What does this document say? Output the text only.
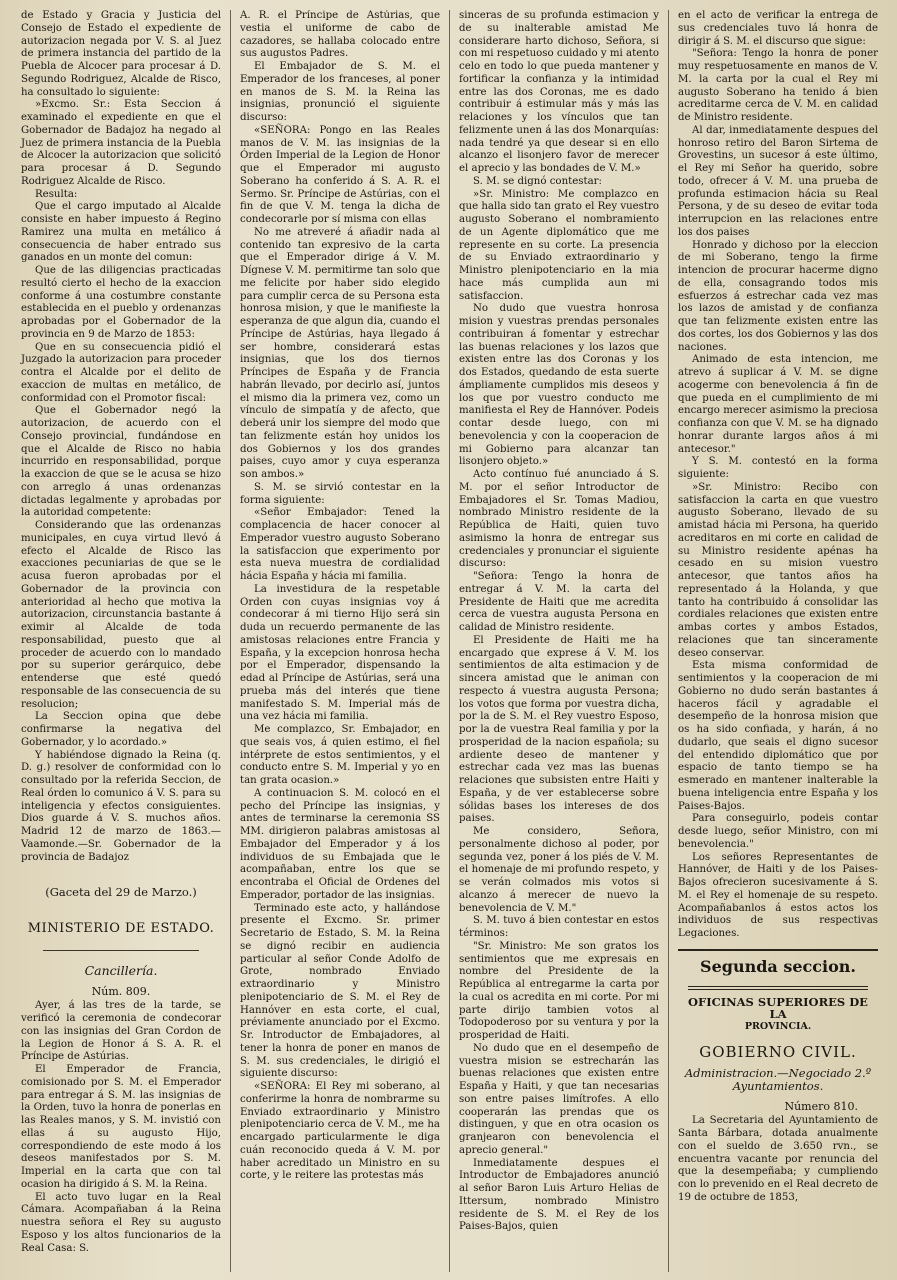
de Estado y Gracia y Justicia del Consejo de Estado el expediente de autorizacion negada por V. S. al Juez de primera instancia del partido de la Puebla de Alcocer para procesar á D. Segundo Rodriguez, Alcalde de Risco, ha consultado lo siguiente:

»Excmo. Sr.: Esta Seccion á examinado el expediente en que el Gobernador de Badajoz ha negado al Juez de primera instancia de la Puebla de Alcocer la autorizacion que solicitó para procesar á D. Segundo Rodriguez Alcalde de Risco.

Resulta:

Que el cargo imputado al Alcalde consiste en haber impuesto á Regino Ramirez una multa en metálico á consecuencia de haber entrado sus ganados en un monte del comun:

Que de las diligencias practicadas resultó cierto el hecho de la exaccion conforme á una costumbre constante establecida en el pueblo y ordenanzas aprobadas por el Gobernador de la provincia en 9 de Marzo de 1853:

Que en su consecuencia pidió el Juzgado la autorizacion para proceder contra el Alcalde por el delito de exaccion de multas en metálico, de conformidad con el Promotor fiscal:

Que el Gobernador negó la autorizacion, de acuerdo con el Consejo provincial, fundándose en que el Alcalde de Risco no habia incurrido en responsabilidad, porque la exaccion de que se le acusa se hizo con arreglo á unas ordenanzas dictadas legalmente y aprobadas por la autoridad competente:

Considerando que las ordenanzas municipales, en cuya virtud llevó á efecto el Alcalde de Risco las exacciones pecuniarias de que se le acusa fueron aprobadas por el Gobernador de la provincia con anterioridad al hecho que motiva la autorizacion, circunstancia bastante á eximir al Alcalde de toda responsabilidad, puesto que al proceder de acuerdo con lo mandado por su superior gerárquico, debe entenderse que esté quedó responsable de las consecuencia de su resolucion;

La Seccion opina que debe confirmarse la negativa del Gobernador, y lo acordado.»

Y habiéndose dignado la Reina (q. D. g.) resolver de conformidad con lo consultado por la referida Seccion, de Real órden lo comunico á V. S. para su inteligencia y efectos consiguientes. Dios guarde á V. S. muchos años. Madrid 12 de marzo de 1863.—Vaamonde.—Sr. Gobernador de la provincia de Badajoz

(Gaceta del 29 de Marzo.)
MINISTERIO DE ESTADO.
Cancillería.
Núm. 809.

Ayer, á las tres de la tarde, se verificó la ceremonia de condecorar con las insignias del Gran Cordon de la Legion de Honor á S. A. R. el Príncipe de Astúrias.

El Emperador de Francia, comisionado por S. M. el Emperador para entregar á S. M. las insignias de la Orden, tuvo la honra de ponerlas en las Reales manos, y S. M. invistió con ellas á su augusto Hijo, correspondiendo de este modo á los deseos manifestados por S. M. Imperial en la carta que con tal ocasion ha dirigido á S. M. la Reina.

El acto tuvo lugar en la Real Cámara. Acompañaban á la Reina nuestra señora el Rey su augusto Esposo y los altos funcionarios de la Real Casa: S.

A. R. el Príncipe de Astúrias, que vestia el uniforme de cabo de cazadores, se hallaba colocado entre sus augustos Padres.

El Embajador de S. M. el Emperador de los franceses, al poner en manos de S. M. la Reina las insignias, pronunció el siguiente discurso:

«SEÑORA: Pongo en las Reales manos de V. M. las insignias de la Órden Imperial de la Legion de Honor que el Emperador mi augusto Soberano ha conferido á S. A. R. el Sermo. Sr. Príncipe de Astúrias, con el fin de que V. M. tenga la dicha de condecorarle por sí misma con ellas

No me atreveré á añadir nada al contenido tan expresivo de la carta que el Emperador dirige á V. M. Dígnese V. M. permitirme tan solo que me felicite por haber sido elegido para cumplir cerca de su Persona esta honrosa mision, y que le manifieste la esperanza de que algun dia, cuando el Príncipe de Astúrias, haya llegado á ser hombre, considerará estas insignias, que los dos tiernos Príncipes de España y de Francia habrán llevado, por decirlo así, juntos el mismo dia la primera vez, como un vínculo de simpatía y de afecto, que deberá unir los siempre del modo que tan felizmente están hoy unidos los dos Gobiernos y los dos grandes paises, cuyo amor y cuya esperanza son ambos.»

S. M. se sirvió contestar en la forma siguiente:

«Señor Embajador: Tened la complacencia de hacer conocer al Emperador vuestro augusto Soberano la satisfaccion que experimento por esta nueva muestra de cordialidad hácia España y hácia mi familia.

La investidura de la respetable Orden con cuyas insignias voy á condecorar á mi tierno Hijo será sin duda un recuerdo permanente de las amistosas relaciones entre Francia y España, y la excepcion honrosa hecha por el Emperador, dispensando la edad al Príncipe de Astúrias, será una prueba más del interés que tiene manifestado S. M. Imperial más de una vez hácia mi familia.

Me complazco, Sr. Embajador, en que seais vos, á quien estimo, el fiel intérprete de estos sentimientos, y el conducto entre S. M. Imperial y yo en tan grata ocasion.»

A continuacion S. M. colocó en el pecho del Príncipe las insignias, y antes de terminarse la ceremonia SS MM. dirigieron palabras amistosas al Embajador del Emperador y á los individuos de su Embajada que le acompañaban, entre los que se encontraba el Oficial de Ordenes del Emperador, portador de las insignias.

Terminado este acto, y hallándose presente el Excmo. Sr. primer Secretario de Estado, S. M. la Reina se dignó recibir en audiencia particular al señor Conde Adolfo de Grote, nombrado Enviado extraordinario y Ministro plenipotenciario de S. M. el Rey de Hannóver en esta corte, el cual, préviamente anunciado por el Excmo. Sr. Introductor de Embajadores, al tener la honra de poner en manos de S. M. sus credenciales, le dirigió el siguiente discurso:

«SEÑORA: El Rey mi soberano, al conferirme la honra de nombrarme su Enviado extraordinario y Ministro plenipotenciario cerca de V. M., me ha encargado particularmente le diga cuán reconocido queda á V. M. por haber acreditado un Ministro en su corte, y le reitere las protestas más

sinceras de su profunda estimacion y de su inalterable amistad Me considerare harto dichoso, Señora, si con mi respetuoso cuidado y mi atento celo en todo lo que pueda mantener y fortificar la confianza y la intimidad entre las dos Coronas, me es dado contribuir á estimular más y más las relaciones y los vínculos que tan felizmente unen á las dos Monarquías: nada tendré ya que desear si en ello alcanzo el lisonjero favor de merecer el aprecio y las bondades de V. M.»

S. M. se dignó contestar:

»Sr. Ministro: Me complazco en que halla sido tan grato el Rey vuestro augusto Soberano el nombramiento de un Agente diplomático que me represente en su corte. La presencia de su Enviado extraordinario y Ministro plenipotenciario en la mia hace más cumplida aun mi satisfaccion.

No dudo que vuestra honrosa mision y vuestras prendas personales contribuiran á fomentar y estrechar las buenas relaciones y los lazos que existen entre las dos Coronas y los dos Estados, quedando de esta suerte ámpliamente cumplidos mis deseos y los que por vuestro conducto me manifiesta el Rey de Hannóver. Podeis contar desde luego, con mi benevolencia y con la cooperacion de mi Gobierno para alcanzar tan lisonjero objeto.»

Acto contínuo fué anunciado á S. M. por el señor Introductor de Embajadores el Sr. Tomas Madiou, nombrado Ministro residente de la República de Haiti, quien tuvo asimismo la honra de entregar sus credenciales y pronunciar el siguiente discurso:

"Señora: Tengo la honra de entregar á V. M. la carta del Presidente de Haiti que me acredita cerca de vuestra augusta Persona en calidad de Ministro residente.

El Presidente de Haiti me ha encargado que exprese á V. M. los sentimientos de alta estimacion y de sincera amistad que le animan con respecto á vuestra augusta Persona; los votos que forma por vuestra dicha, por la de S. M. el Rey vuestro Esposo, por la de vuestra Real familia y por la prosperidad de la nacion española; su ardiente deseo de mantener y estrechar cada vez mas las buenas relaciones que subsisten entre Haiti y España, y de ver establecerse sobre sólidas bases los intereses de dos paises.

Me considero, Señora, personalmente dichoso al poder, por segunda vez, poner á los piés de V. M. el homenaje de mi profundo respeto, y se verán colmados mis votos si alcanzo á merecer de nuevo la benevolencia de V. M."

S. M. tuvo á bien contestar en estos términos:

"Sr. Ministro: Me son gratos los sentimientos que me expresais en nombre del Presidente de la República al entregarme la carta por la cual os acredita en mi corte. Por mi parte dirijo tambien votos al Todopoderoso por su ventura y por la prosperidad de Haiti.

No dudo que en el desempeño de vuestra mision se estrecharán las buenas relaciones que existen entre España y Haiti, y que tan necesarias son entre paises limítrofes. A ello cooperarán las prendas que os distinguen, y que en otra ocasion os granjearon con benevolencia el aprecio general."

Inmediatamente despues el Introductor de Embajadores anunció al señor Baron Luis Arturo Helias de Ittersum, nombrado Ministro residente de S. M. el Rey de los Paises-Bajos, quien

en el acto de verificar la entrega de sus credenciales tuvo lá honra de dirigir á S. M. el discurso que sigue:

"Señora: Tengo la honra de poner muy respetuosamente en manos de V. M. la carta por la cual el Rey mi augusto Soberano ha tenido á bien acreditarme cerca de V. M. en calidad de Ministro residente.

Al dar, inmediatamente despues del honroso retiro del Baron Sirtema de Grovestins, un sucesor á este último, el Rey mi Señor ha querido, sobre todo, ofrecer á V. M. una prueba de profunda estimacion hácia su Real Persona, y de su deseo de evitar toda interrupcion en las relaciones entre los dos paises

Honrado y dichoso por la eleccion de mi Soberano, tengo la firme intencion de procurar hacerme digno de ella, consagrando todos mis esfuerzos á estrechar cada vez mas los lazos de amistad y de confianza que tan felizmente existen entre las dos cortes, los dos Gobiernos y las dos naciones.

Animado de esta intencion, me atrevo á suplicar á V. M. se digne acogerme con benevolencia á fin de que pueda en el cumplimiento de mi encargo merecer asimismo la preciosa confianza con que V. M. se ha dignado honrar durante largos años á mi antecesor."

Y S. M. contestó en la forma siguiente:

»Sr. Ministro: Recibo con satisfaccion la carta en que vuestro augusto Soberano, llevado de su amistad hácia mi Persona, ha querido acreditaros en mi corte en calidad de su Ministro residente apénas ha cesado en su mision vuestro antecesor, que tantos años ha representado á la Holanda, y que tanto ha contribuido á consolidar las cordiales relaciones que existen entre ambas cortes y ambos Estados, relaciones que tan sinceramente deseo conservar.

Esta misma conformidad de sentimientos y la cooperacion de mi Gobierno no dudo serán bastantes á haceros fácil y agradable el desempeño de la honrosa mision que os ha sido confiada, y harán, á no dudarlo, que seais el digno sucesor del entendido diplomático que por espacio de tanto tiempo se ha esmerado en mantener inalterable la buena inteligencia entre España y los Paises-Bajos.

Para conseguirlo, podeis contar desde luego, señor Ministro, con mi benevolencia."

Los señores Representantes de Hannóver, de Haiti y de los Paises-Bajos ofrecieron sucesivamente á S. M. el Rey el homenaje de su respeto. Acompañabanlos á estos actos los individuos de sus respectivas Legaciones.

Segunda seccion.
OFICINAS SUPERIORES DE LA
PROVINCIA.
GOBIERNO CIVIL.
Administracion.—Negociado 2.º Ayuntamientos.
Número 810.

La Secretaria del Ayuntamiento de Santa Bárbara, dotada anualmente con el sueldo de 3.650 rvn., se encuentra vacante por renuncia del que la desempeñaba; y cumpliendo con lo prevenido en el Real decreto de 19 de octubre de 1853,
